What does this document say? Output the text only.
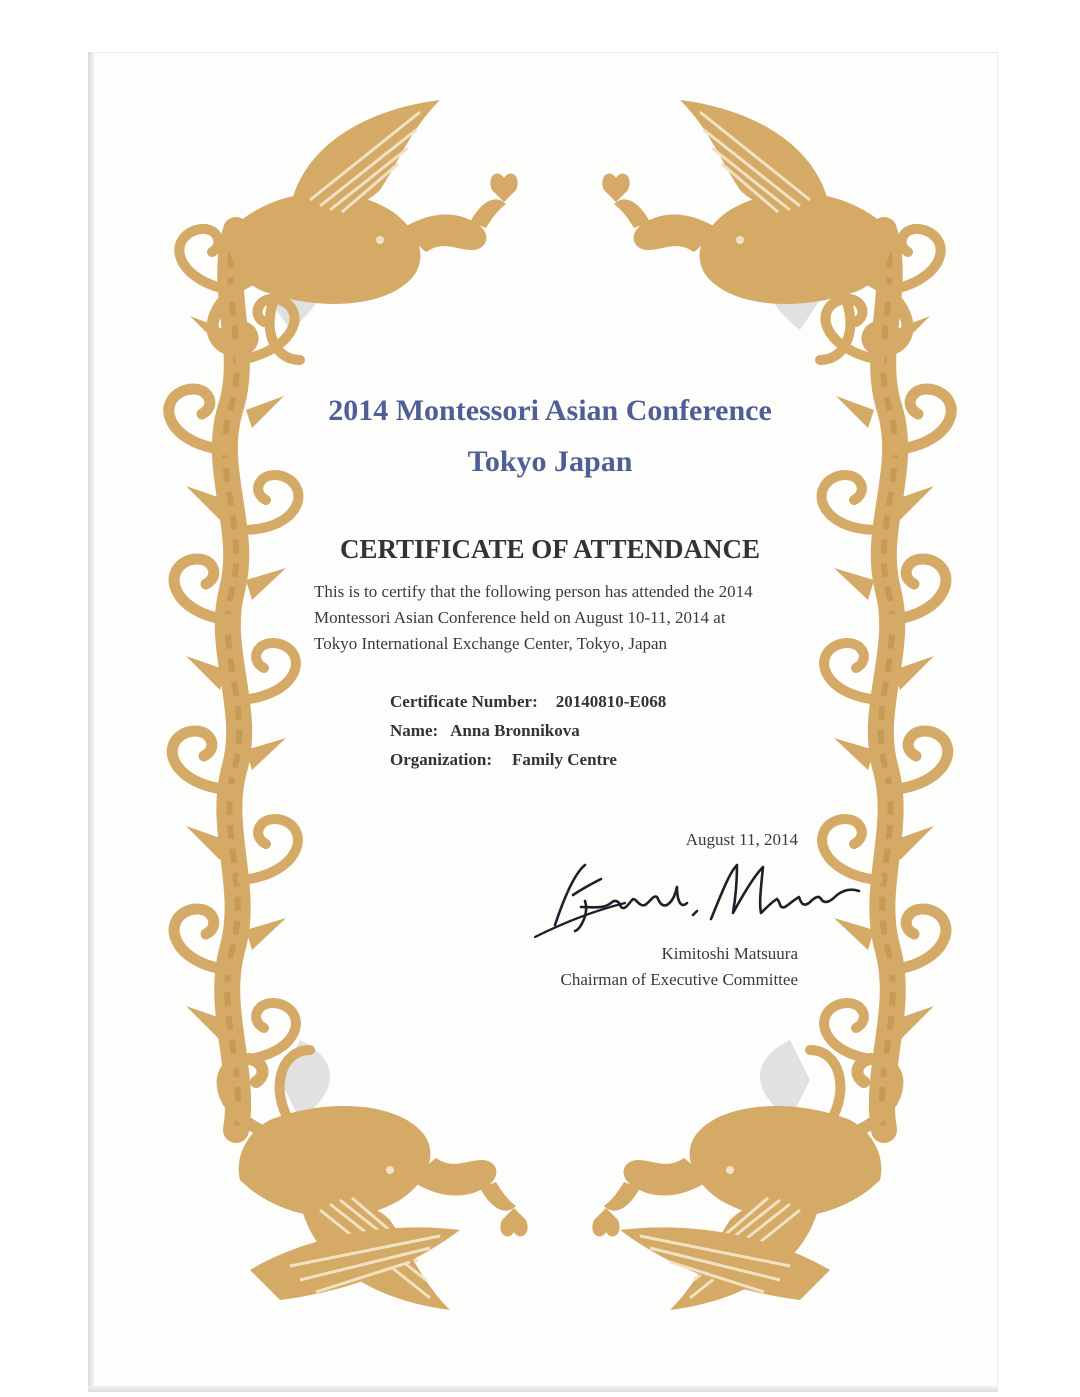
2014 Montessori Asian Conference
Tokyo Japan
CERTIFICATE OF ATTENDANCE

This is to certify that the following person has attended the 2014

Montessori Asian Conference held on August 10-11, 2014 at

Tokyo International Exchange Center, Tokyo, Japan

Certificate Number: 20140810-E068
Name: Anna Bronnikova
Organization: Family Centre
August 11, 2014
Kimitoshi Matsuura
Chairman of Executive Committee
